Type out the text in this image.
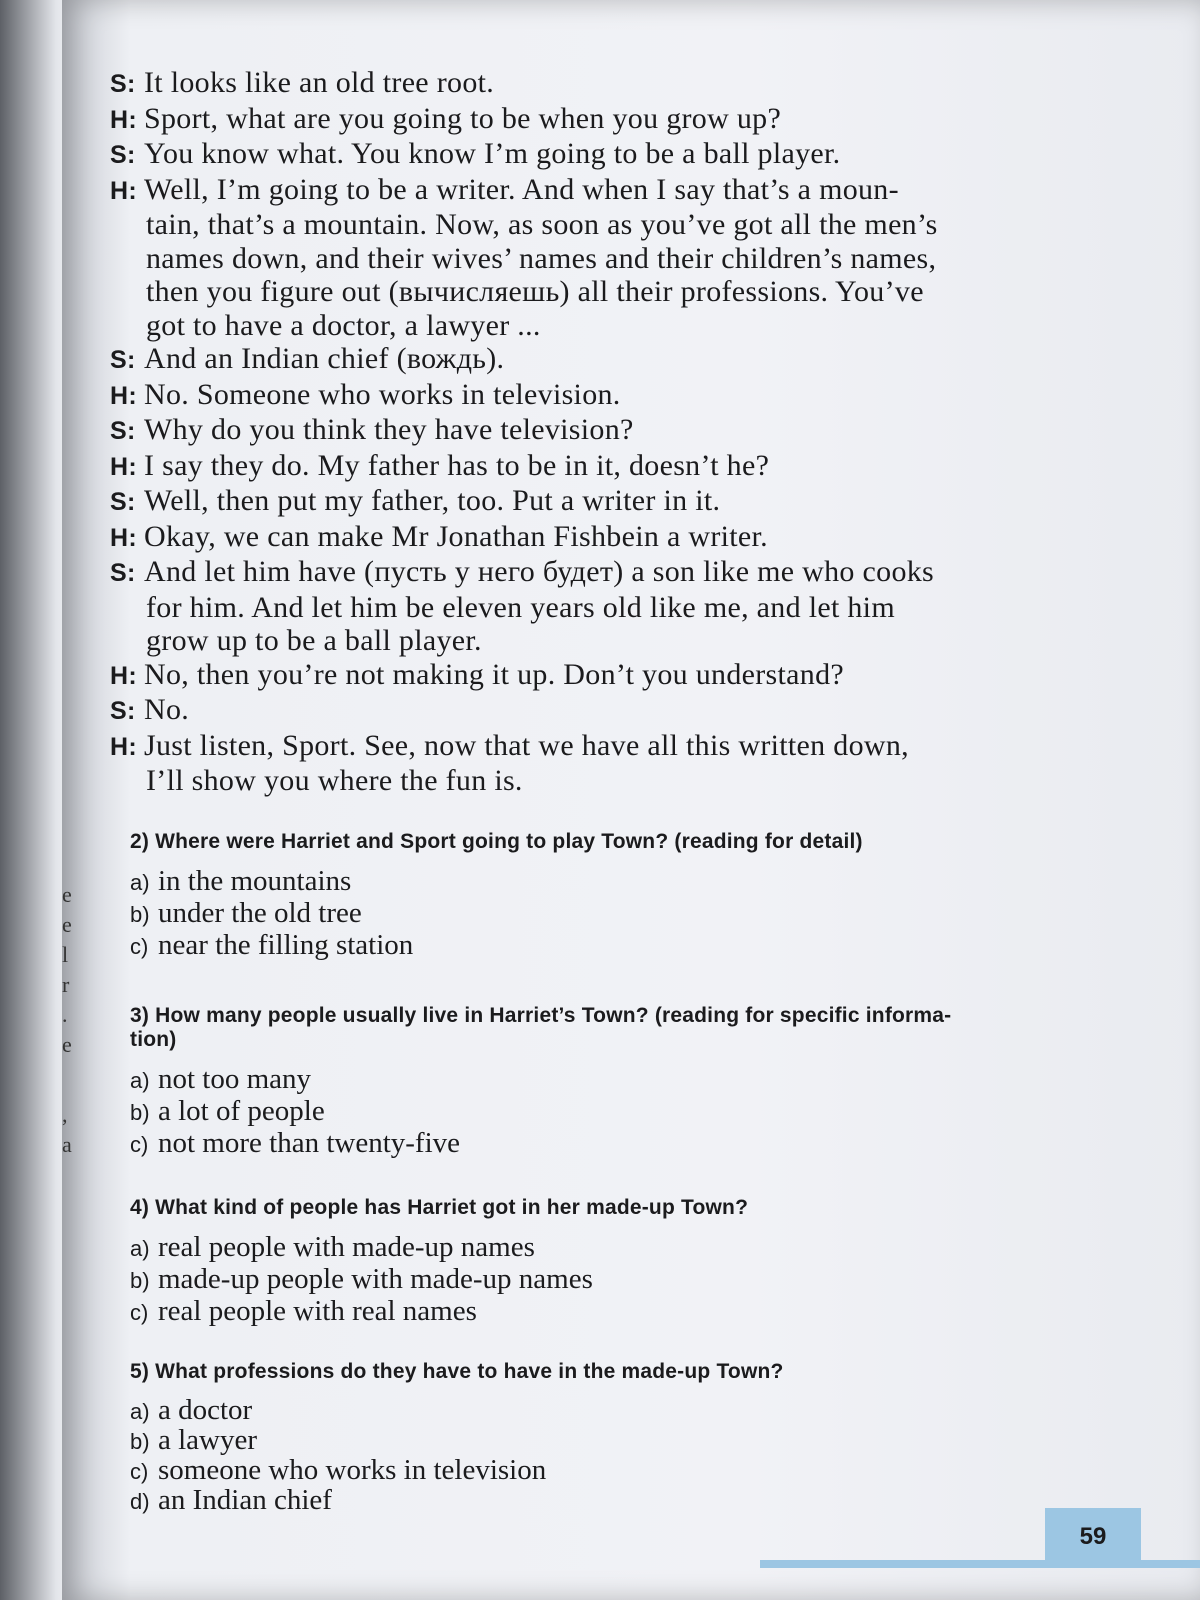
e
e
l
r
.
e
,
a
S: It looks like an old tree root.
H: Sport, what are you going to be when you grow up?
S: You know what. You know I’m going to be a ball player.
H: Well, I’m going to be a writer. And when I say that’s a moun-
tain, that’s a mountain. Now, as soon as you’ve got all the men’s
names down, and their wives’ names and their children’s names,
then you figure out (вычисляешь) all their professions. You’ve
got to have a doctor, a lawyer ...
S: And an Indian chief (вождь).
H: No. Someone who works in television.
S: Why do you think they have television?
H: I say they do. My father has to be in it, doesn’t he?
S: Well, then put my father, too. Put a writer in it.
H: Okay, we can make Mr Jonathan Fishbein a writer.
S: And let him have (пусть у него будет) a son like me who cooks
for him. And let him be eleven years old like me, and let him
grow up to be a ball player.
H: No, then you’re not making it up. Don’t you understand?
S: No.
H: Just listen, Sport. See, now that we have all this written down,
I’ll show you where the fun is.
2) Where were Harriet and Sport going to play Town? (reading for detail)
a) in the mountains
b) under the old tree
c) near the filling station
3) How many people usually live in Harriet’s Town? (reading for specific informa-
tion)
a) not too many
b) a lot of people
c) not more than twenty-five
4) What kind of people has Harriet got in her made-up Town?
a) real people with made-up names
b) made-up people with made-up names
c) real people with real names
5) What professions do they have to have in the made-up Town?
a) a doctor
b) a lawyer
c) someone who works in television
d) an Indian chief
59
